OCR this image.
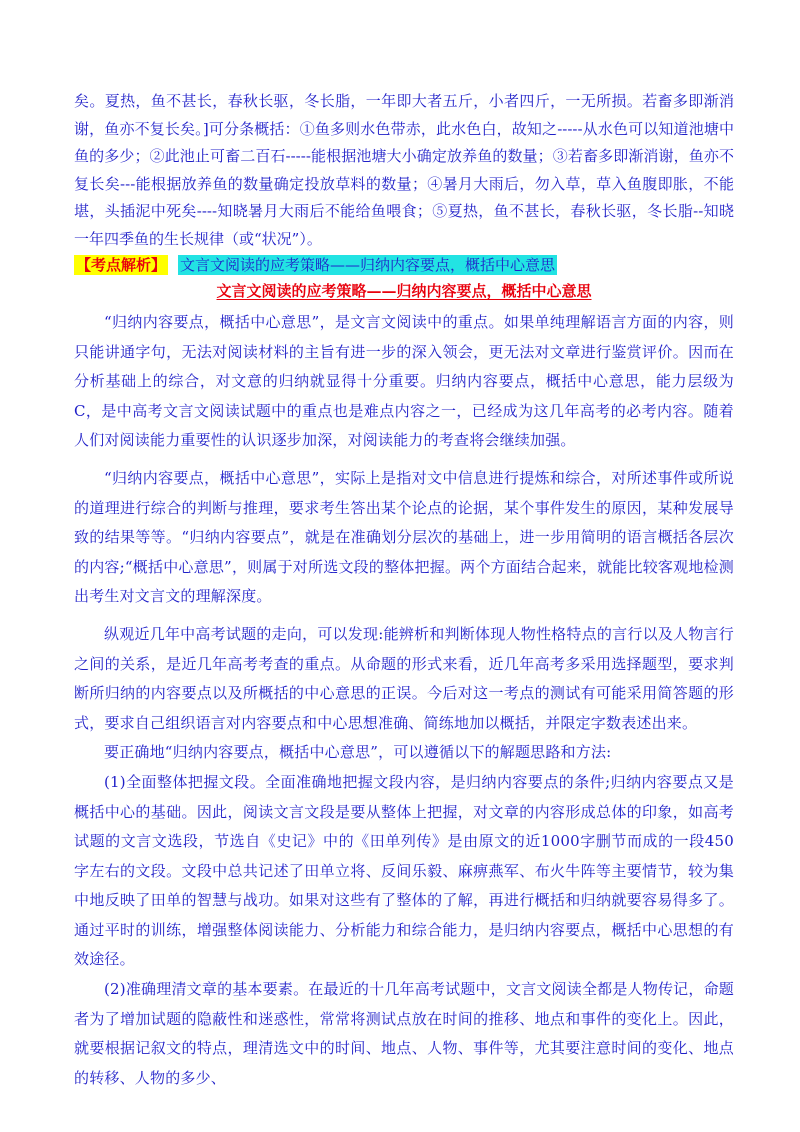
矣。夏热，鱼不甚长，春秋长驱，冬长脂，一年即大者五斤，小者四斤，一无所损。若畜多即渐消谢，鱼亦不复长矣。]可分条概括：①鱼多则水色带赤，此水色白，故知之-----从水色可以知道池塘中鱼的多少；②此池止可畜二百石-----能根据池塘大小确定放养鱼的数量；③若畜多即渐消谢，鱼亦不复长矣---能根据放养鱼的数量确定投放草料的数量；④暑月大雨后，勿入草，草入鱼腹即胀，不能堪，头插泥中死矣----知晓暑月大雨后不能给鱼喂食；⑤夏热，鱼不甚长，春秋长驱，冬长脂--知晓一年四季鱼的生长规律（或“状况”）。

【考点解析】 文言文阅读的应考策略——归纳内容要点，概括中心意思
文言文阅读的应考策略——归纳内容要点，概括中心意思

“归纳内容要点，概括中心意思”，是文言文阅读中的重点。如果单纯理解语言方面的内容，则只能讲通字句，无法对阅读材料的主旨有进一步的深入领会，更无法对文章进行鉴赏评价。因而在分析基础上的综合，对文意的归纳就显得十分重要。归纳内容要点，概括中心意思，能力层级为C，是中高考文言文阅读试题中的重点也是难点内容之一，已经成为这几年高考的必考内容。随着人们对阅读能力重要性的认识逐步加深，对阅读能力的考查将会继续加强。

“归纳内容要点，概括中心意思”，实际上是指对文中信息进行提炼和综合，对所述事件或所说的道理进行综合的判断与推理，要求考生答出某个论点的论据，某个事件发生的原因，某种发展导致的结果等等。“归纳内容要点”，就是在准确划分层次的基础上，进一步用简明的语言概括各层次的内容;“概括中心意思”，则属于对所选文段的整体把握。两个方面结合起来，就能比较客观地检测出考生对文言文的理解深度。

纵观近几年中高考试题的走向，可以发现:能辨析和判断体现人物性格特点的言行以及人物言行之间的关系，是近几年高考考查的重点。从命题的形式来看，近几年高考多采用选择题型，要求判断所归纳的内容要点以及所概括的中心意思的正误。今后对这一考点的测试有可能采用简答题的形式，要求自己组织语言对内容要点和中心思想准确、简练地加以概括，并限定字数表述出来。

要正确地“归纳内容要点，概括中心意思”，可以遵循以下的解题思路和方法:

(1)全面整体把握文段。全面准确地把握文段内容，是归纳内容要点的条件;归纳内容要点又是概括中心的基础。因此，阅读文言文段是要从整体上把握，对文章的内容形成总体的印象，如高考试题的文言文选段，节选自《史记》中的《田单列传》是由原文的近1000字删节而成的一段450字左右的文段。文段中总共记述了田单立将、反间乐毅、麻痹燕军、布火牛阵等主要情节，较为集中地反映了田单的智慧与战功。如果对这些有了整体的了解，再进行概括和归纳就要容易得多了。通过平时的训练，增强整体阅读能力、分析能力和综合能力，是归纳内容要点，概括中心思想的有效途径。

(2)准确理清文章的基本要素。在最近的十几年高考试题中，文言文阅读全都是人物传记，命题者为了增加试题的隐蔽性和迷惑性，常常将测试点放在时间的推移、地点和事件的变化上。因此，就要根据记叙文的特点，理清选文中的时间、地点、人物、事件等，尤其要注意时间的变化、地点的转移、人物的多少、
